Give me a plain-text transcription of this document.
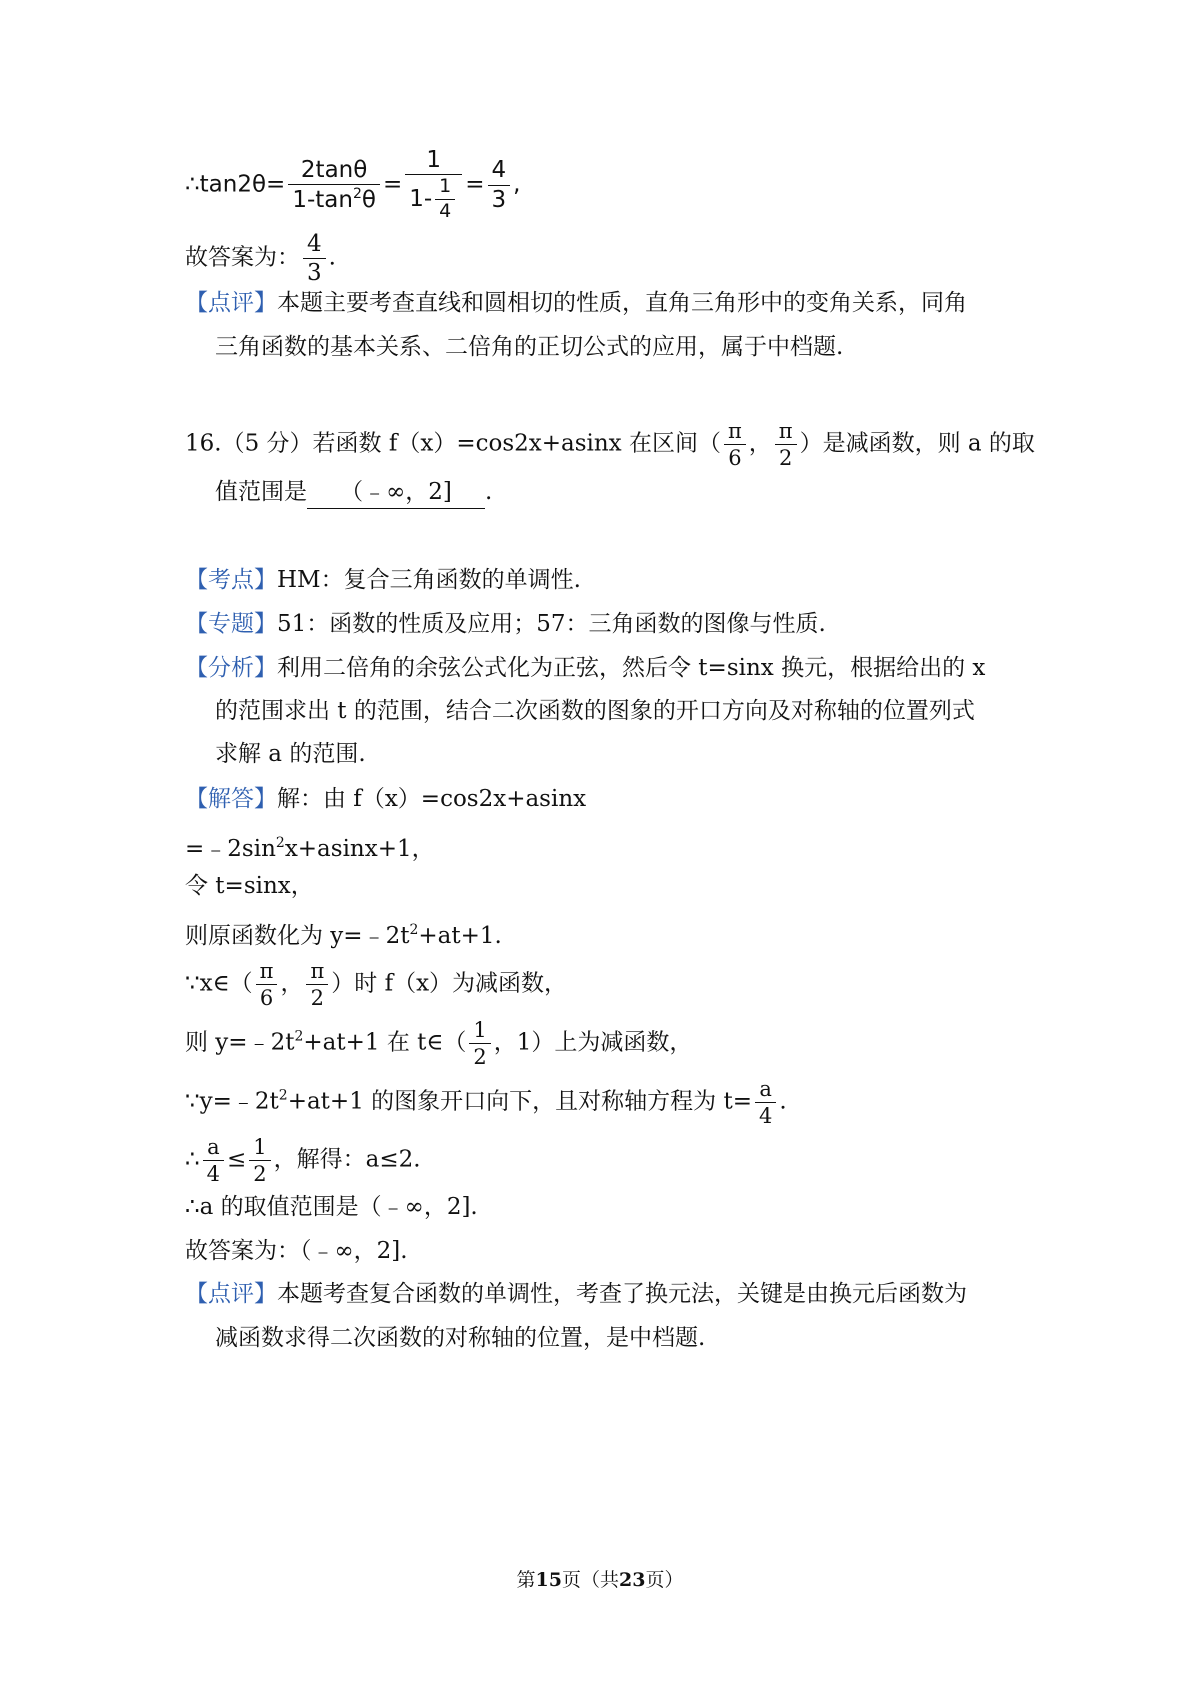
∴tan2θ= $\frac{2\tan\theta}{1-\tan^2\theta} = \frac{1}{1- \frac{1}{4}} = \frac{4}{3}$ ,
故答案为： $\frac{4}{3}$ .
【点评】本题主要考查直线和圆相切的性质，直角三角形中的变角关系，同角
三角函数的基本关系、二倍角的正切公式的应用，属于中档题.
16.（5 分）若函数 f（x）=cos2x+asinx 在区间（ $\frac{\pi}{6}$ ， $\frac{\pi}{2}$ ）是减函数，则 a 的取
值范围是 （﹣∞，2] .
【考点】HM：复合三角函数的单调性.
【专题】51：函数的性质及应用；57：三角函数的图像与性质.
【分析】利用二倍角的余弦公式化为正弦，然后令 t=sinx 换元，根据给出的 x
的范围求出 t 的范围，结合二次函数的图象的开口方向及对称轴的位置列式
求解 a 的范围.
【解答】解：由 f（x）=cos2x+asinx
$=﹣2\sin^2x+asinx+1$，
令 t=sinx，
则原函数化为 $y=﹣2t^2+at+1$.
∵x∈（ $\frac{\pi}{6}$ ， $\frac{\pi}{2}$ ）时 f（x）为减函数，
则 $y=﹣2t^2+at+1$ 在 t∈（ $\frac{1}{2}$ ，1）上为减函数，
$\because y=﹣2t^2+at+1$ 的图象开口向下，且对称轴方程为 $t= \frac{a}{4}$ .
∴ $\frac{a}{4} \le \frac{1}{2}$ ，解得：a≤2.
∴a 的取值范围是（﹣∞，2].
故答案为：（﹣∞，2].
【点评】本题考查复合函数的单调性，考查了换元法，关键是由换元后函数为
减函数求得二次函数的对称轴的位置，是中档题.
第15页（共23页）
